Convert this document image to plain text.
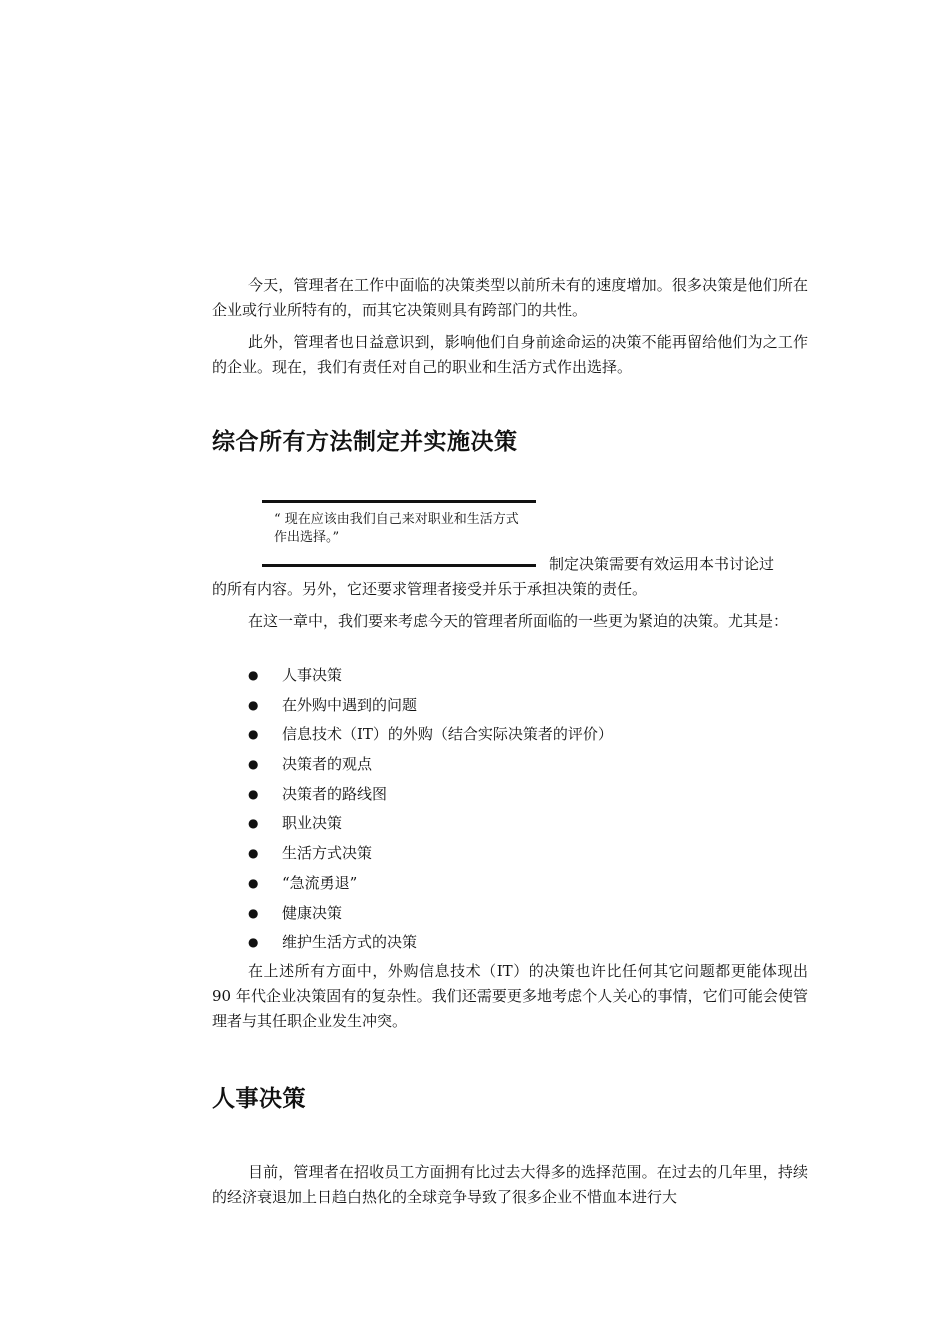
今天，管理者在工作中面临的决策类型以前所未有的速度增加。很多决策是他们所在企业或行业所特有的，而其它决策则具有跨部门的共性。

此外，管理者也日益意识到，影响他们自身前途命运的决策不能再留给他们为之工作的企业。现在，我们有责任对自己的职业和生活方式作出选择。

综合所有方法制定并实施决策
“ 现在应该由我们自己来对职业和生活方式作出选择。”
制定决策需要有效运用本书讨论过

的所有内容。另外，它还要求管理者接受并乐于承担决策的责任。

在这一章中，我们要来考虑今天的管理者所面临的一些更为紧迫的决策。尤其是：

● 人事决策
● 在外购中遇到的问题
● 信息技术（IT）的外购（结合实际决策者的评价）
● 决策者的观点
● 决策者的路线图
● 职业决策
● 生活方式决策
● “急流勇退”
● 健康决策
● 维护生活方式的决策

在上述所有方面中，外购信息技术（IT）的决策也许比任何其它问题都更能体现出 90 年代企业决策固有的复杂性。我们还需要更多地考虑个人关心的事情，它们可能会使管理者与其任职企业发生冲突。

人事决策

目前，管理者在招收员工方面拥有比过去大得多的选择范围。在过去的几年里，持续的经济衰退加上日趋白热化的全球竞争导致了很多企业不惜血本进行大
